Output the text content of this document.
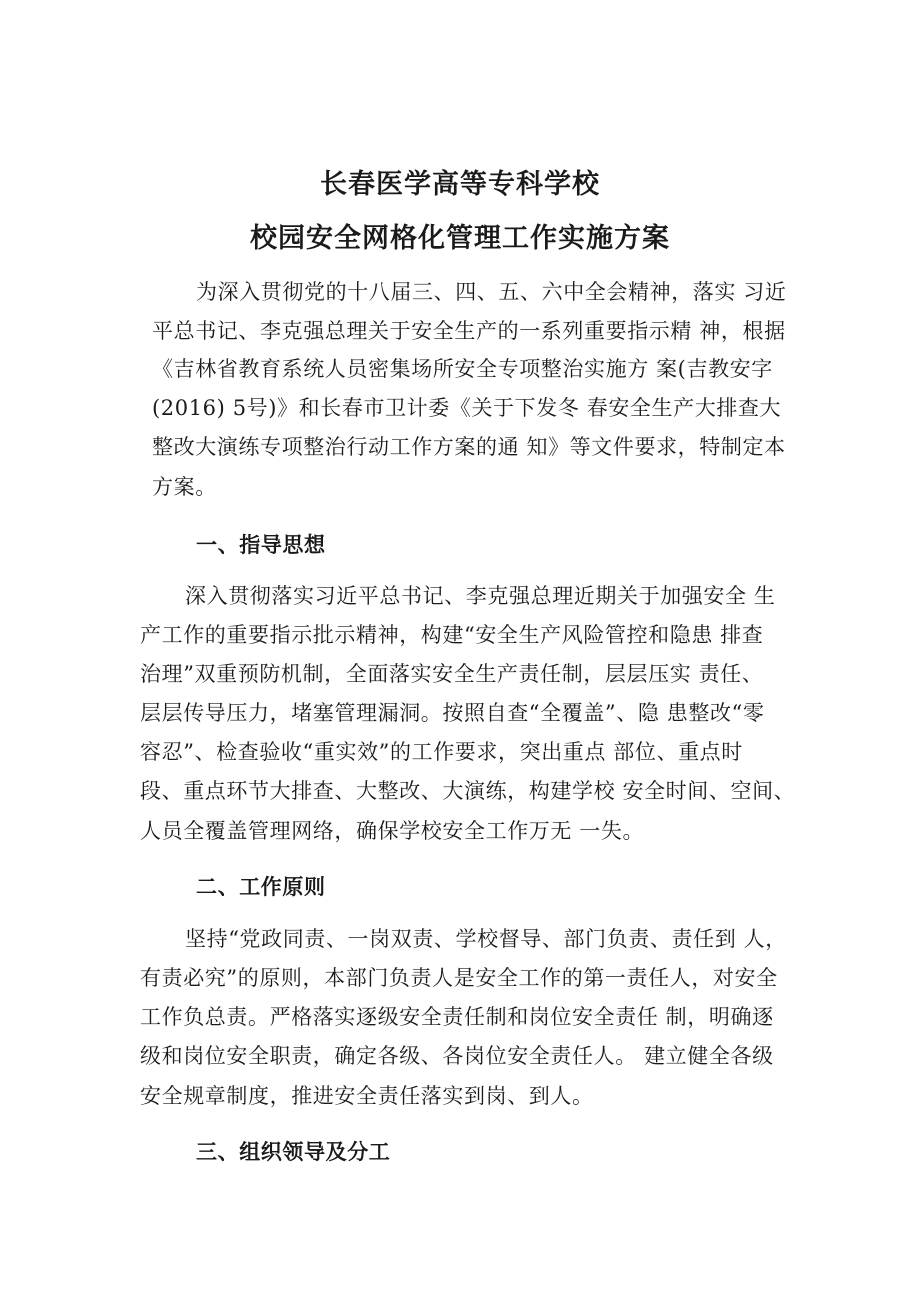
长春医学高等专科学校
校园安全网格化管理工作实施方案

为深入贯彻党的十八届三、四、五、六中全会精神，落实 习近

平总书记、李克强总理关于安全生产的一系列重要指示精 神，根据

《吉林省教育系统人员密集场所安全专项整治实施方 案(吉教安字

(2016) 5号)》和长春市卫计委《关于下发冬 春安全生产大排查大

整改大演练专项整治行动工作方案的通 知》等文件要求，特制定本

方案。

一、指导思想

深入贯彻落实习近平总书记、李克强总理近期关于加强安全 生

产工作的重要指示批示精神，构建“安全生产风险管控和隐患 排查

治理”双重预防机制，全面落实安全生产责任制，层层压实 责任、

层层传导压力，堵塞管理漏洞。按照自查“全覆盖”、隐 患整改“零

容忍”、检查验收“重实效”的工作要求，突出重点 部位、重点时

段、重点环节大排查、大整改、大演练，构建学校 安全时间、空间、

人员全覆盖管理网络，确保学校安全工作万无 一失。

二、工作原则

坚持“党政同责、一岗双责、学校督导、部门负责、责任到 人，

有责必究”的原则，本部门负责人是安全工作的第一责任人，对安全

工作负总责。严格落实逐级安全责任制和岗位安全责任 制，明确逐

级和岗位安全职责，确定各级、各岗位安全责任人。 建立健全各级

安全规章制度，推进安全责任落实到岗、到人。

三、组织领导及分工
